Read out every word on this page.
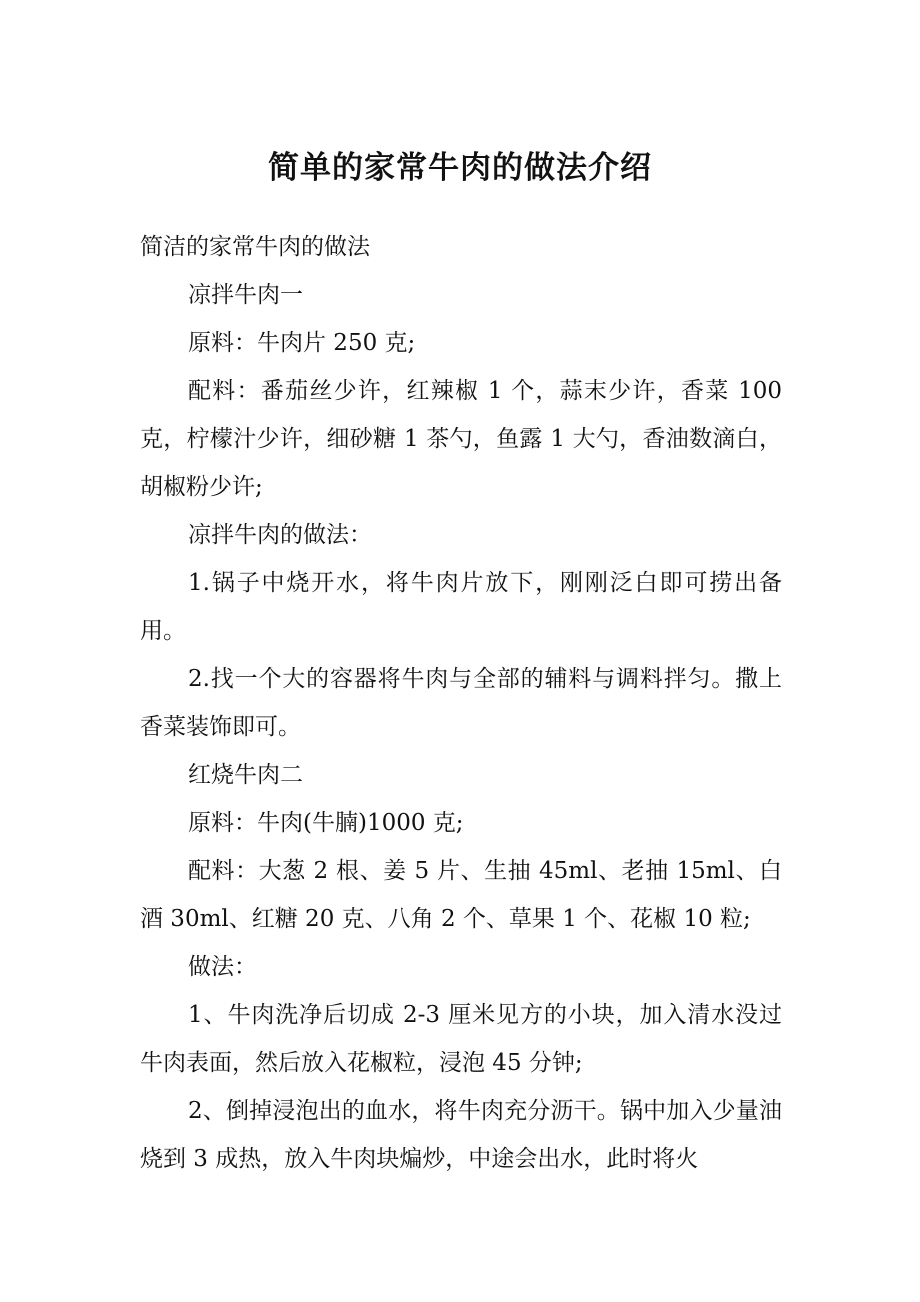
简单的家常牛肉的做法介绍

简洁的家常牛肉的做法

凉拌牛肉一

原料：牛肉片 250 克;

配料：番茄丝少许，红辣椒 1 个，蒜末少许，香菜 100 克，柠檬汁少许，细砂糖 1 茶勺，鱼露 1 大勺，香油数滴白，胡椒粉少许;

凉拌牛肉的做法：

1.锅子中烧开水，将牛肉片放下，刚刚泛白即可捞出备用。

2.找一个大的容器将牛肉与全部的辅料与调料拌匀。撒上香菜装饰即可。

红烧牛肉二

原料：牛肉(牛腩)1000 克;

配料：大葱 2 根、姜 5 片、生抽 45ml、老抽 15ml、白酒 30ml、红糖 20 克、八角 2 个、草果 1 个、花椒 10 粒;

做法：

1、牛肉洗净后切成 2-3 厘米见方的小块，加入清水没过牛肉表面，然后放入花椒粒，浸泡 45 分钟;

2、倒掉浸泡出的血水，将牛肉充分沥干。锅中加入少量油烧到 3 成热，放入牛肉块煸炒，中途会出水，此时将火
